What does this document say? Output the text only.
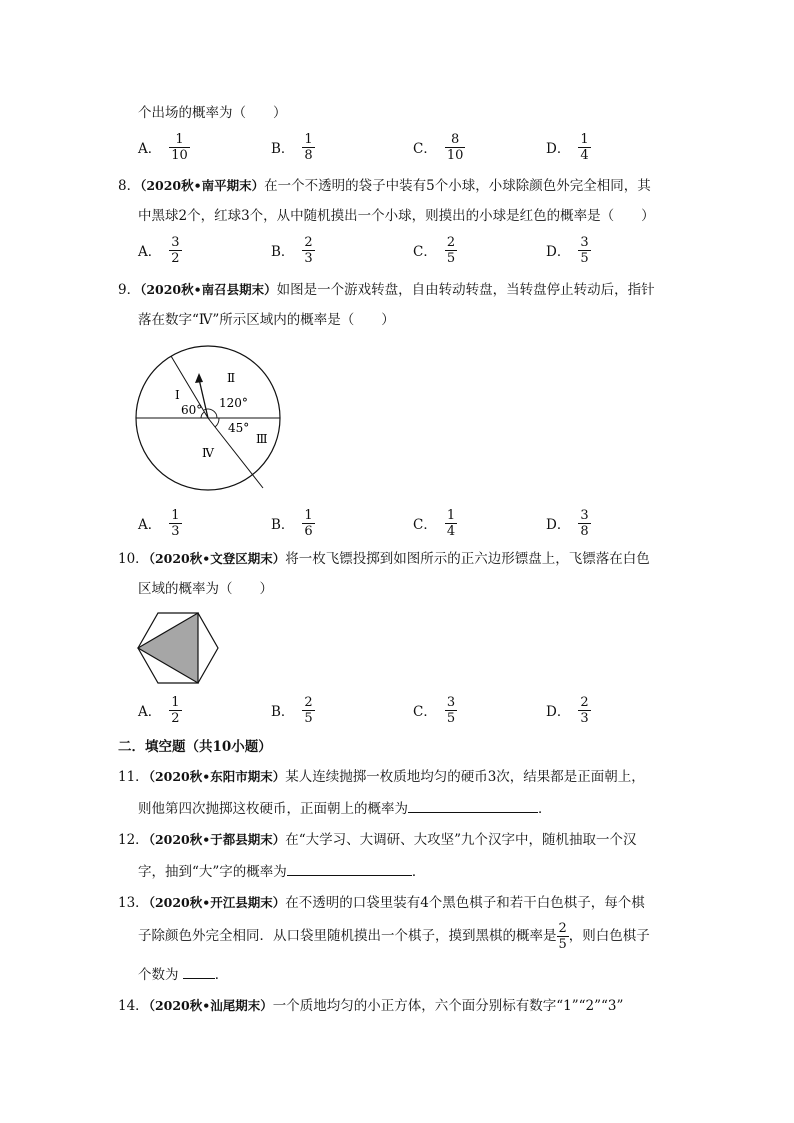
个出场的概率为（　　）
A． $\frac{1}{10}$	B． $\frac{1}{8}$	C． $\frac{8}{10}$	D． $\frac{1}{4}$
8．（2020秋•南平期末）在一个不透明的袋子中装有5个小球，小球除颜色外完全相同，其
中黑球2个，红球3个，从中随机摸出一个小球，则摸出的小球是红色的概率是（　　）
A． $\frac{3}{2}$	B． $\frac{2}{3}$	C． $\frac{2}{5}$	D． $\frac{3}{5}$
9．（2020秋•南召县期末）如图是一个游戏转盘，自由转动转盘，当转盘停止转动后，指针
落在数字“Ⅳ”所示区域内的概率是（　　）
Ⅰ
Ⅱ
Ⅲ
Ⅳ
60° 120°
45°
A． $\frac{1}{3}$	B． $\frac{1}{6}$	C． $\frac{1}{4}$	D． $\frac{3}{8}$
10．（2020秋•文登区期末）将一枚飞镖投掷到如图所示的正六边形镖盘上，飞镖落在白色
区域的概率为（　　）
A． $\frac{1}{2}$	B． $\frac{2}{5}$	C． $\frac{3}{5}$	D． $\frac{2}{3}$
二．填空题（共10小题）
11．（2020秋•东阳市期末）某人连续抛掷一枚质地均匀的硬币3次，结果都是正面朝上，
则他第四次抛掷这枚硬币，正面朝上的概率为	．
12．（2020秋•于都县期末）在“大学习、大调研、大攻坚”九个汉字中，随机抽取一个汉
字，抽到“大”字的概率为	．
13．（2020秋•开江县期末）在不透明的口袋里装有4个黑色棋子和若干白色棋子，每个棋
子除颜色外完全相同．从口袋里随机摸出一个棋子，摸到黑棋的概率是 $\frac{2}{5}$ ，则白色棋子
个数为	．
14．（2020秋•汕尾期末）一个质地均匀的小正方体，六个面分别标有数字“1”“2”“3”
